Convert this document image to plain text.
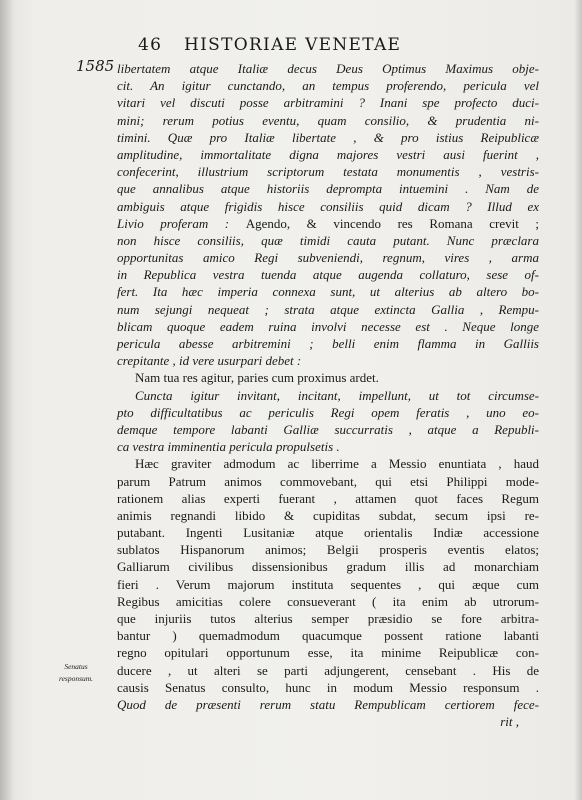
46	HISTORIAE VENETAE
1585
Senatus
responsum.
libertatem atque Italiæ decus Deus Optimus Maximus obje-
cit. An igitur cunctando, an tempus proferendo, pericula vel
vitari vel discuti posse arbitramini ? Inani spe profecto duci-
mini; rerum potius eventu, quam consilio, & prudentia ni-
timini. Quæ pro Italiæ libertate , & pro istius Reipublicæ
amplitudine, immortalitate digna majores vestri ausi fuerint ,
confecerint, illustrium scriptorum testata monumentis , vestris-
que annalibus atque historiis deprompta intuemini . Nam de
ambiguis atque frigidis hisce consiliis quid dicam ? Illud ex
Livio proferam : Agendo, & vincendo res Romana crevit ;
non hisce consiliis, quæ timidi cauta putant. Nunc præclara
opportunitas amico Regi subveniendi, regnum, vires , arma
in Republica vestra tuenda atque augenda collaturo, sese of-
fert. Ita hæc imperia connexa sunt, ut alterius ab altero bo-
num sejungi nequeat ; strata atque extincta Gallia , Rempu-
blicam quoque eadem ruina involvi necesse est . Neque longe
pericula abesse arbitremini ; belli enim flamma in Galliis
crepitante , id vere usurpari debet :
Nam tua res agitur, paries cum proximus ardet.
Cuncta igitur invitant, incitant, impellunt, ut tot circumse-
pto difficultatibus ac periculis Regi opem feratis , uno eo-
demque tempore labanti Galliæ succurratis , atque a Republi-
ca vestra imminentia pericula propulsetis .
Hæc graviter admodum ac liberrime a Messio enuntiata , haud
parum Patrum animos commovebant, qui etsi Philippi mode-
rationem alias experti fuerant , attamen quot faces Regum
animis regnandi libido & cupiditas subdat, secum ipsi re-
putabant. Ingenti Lusitaniæ atque orientalis Indiæ accessione
sublatos Hispanorum animos; Belgii prosperis eventis elatos;
Galliarum civilibus dissensionibus gradum illis ad monarchiam
fieri . Verum majorum instituta sequentes , qui æque cum
Regibus amicitias colere consueverant ( ita enim ab utrorum-
que injuriis tutos alterius semper præsidio se fore arbitra-
bantur ) quemadmodum quacumque possent ratione labanti
regno opitulari opportunum esse, ita minime Reipublicæ con-
ducere , ut alteri se parti adjungerent, censebant . His de
causis Senatus consulto, hunc in modum Messio responsum .
Quod de præsenti rerum statu Rempublicam certiorem fece-
rit ,
